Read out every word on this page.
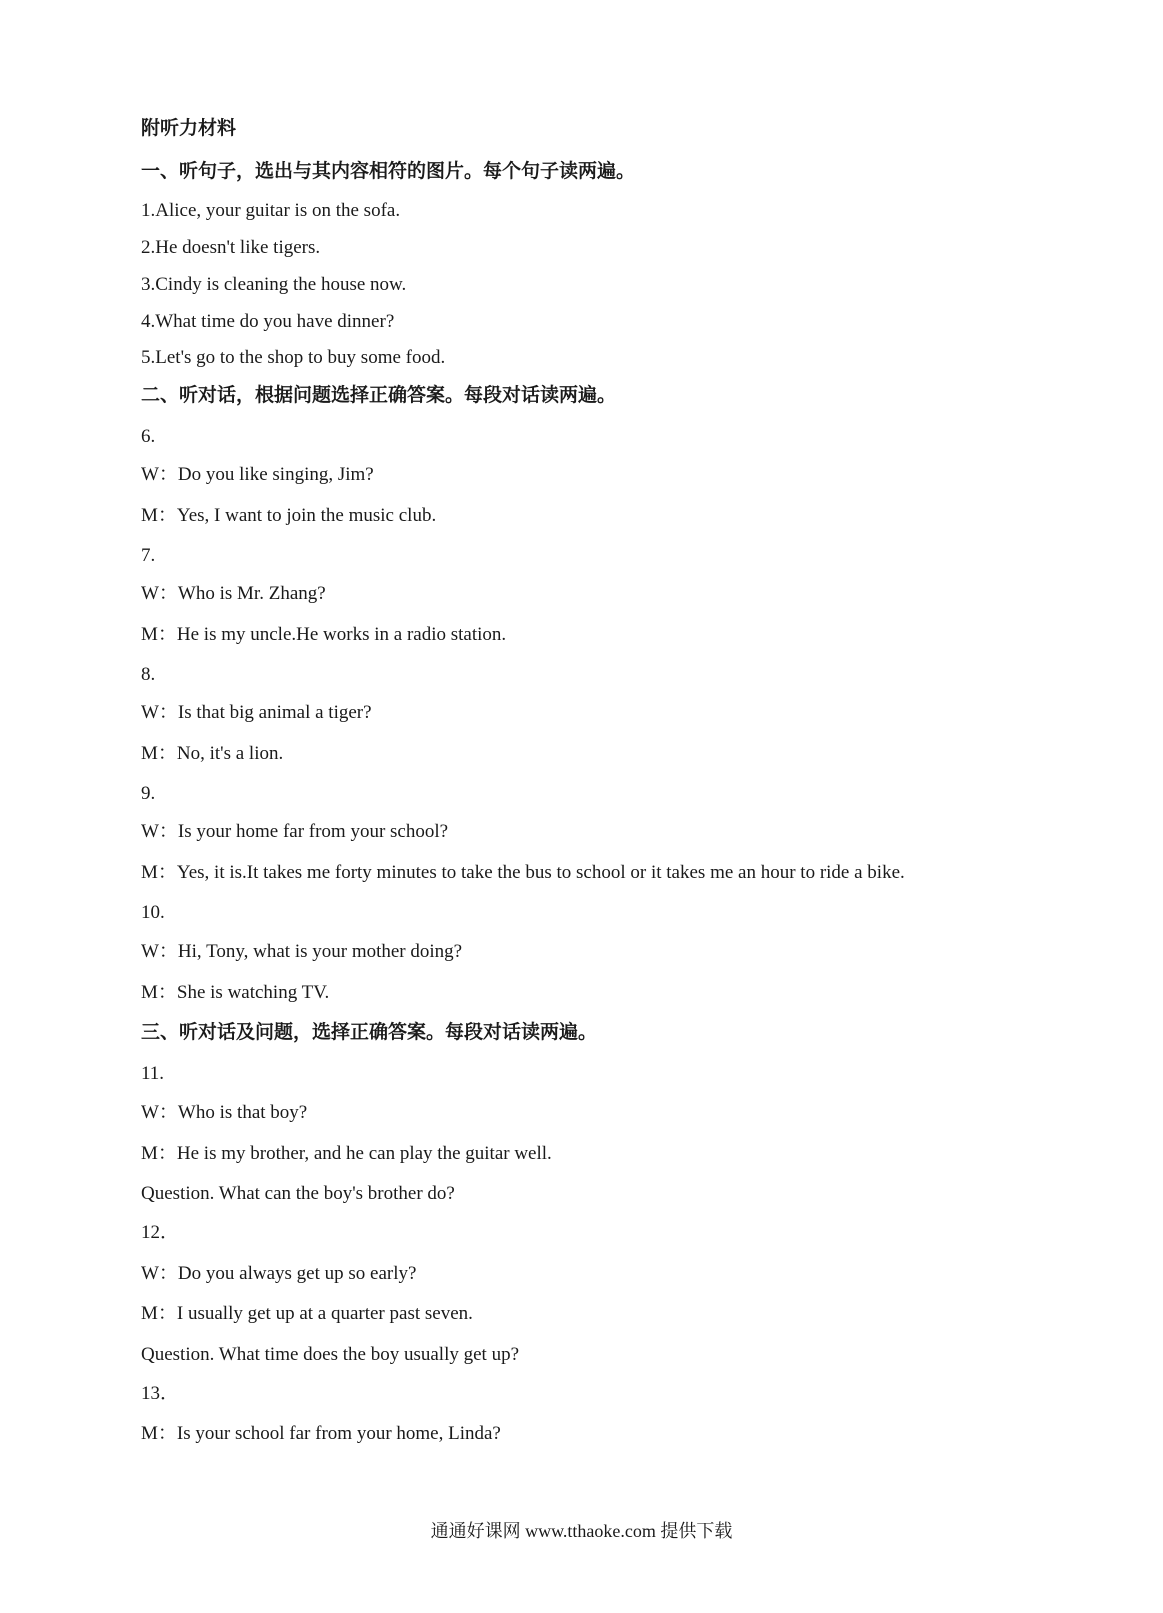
附听力材料
一、听句子，选出与其内容相符的图片。每个句子读两遍。
1.Alice, your guitar is on the sofa.
2.He doesn't like tigers.
3.Cindy is cleaning the house now.
4.What time do you have dinner?
5.Let's go to the shop to buy some food.
二、听对话，根据问题选择正确答案。每段对话读两遍。
6.
W：Do you like singing, Jim?
M：Yes, I want to join the music club.
7.
W：Who is Mr. Zhang?
M：He is my uncle.He works in a radio station.
8.
W：Is that big animal a tiger?
M：No, it's a lion.
9.
W：Is your home far from your school?
M：Yes, it is.It takes me forty minutes to take the bus to school or it takes me an hour to ride a bike.
10.
W：Hi, Tony, what is your mother doing?
M：She is watching TV.
三、听对话及问题，选择正确答案。每段对话读两遍。
11.
W：Who is that boy?
M：He is my brother, and he can play the guitar well.
Question. What can the boy's brother do?
12．
W：Do you always get up so early?
M：I usually get up at a quarter past seven.
Question. What time does the boy usually get up?
13．
M：Is your school far from your home, Linda?
通通好课网 www.tthaoke.com 提供下载
